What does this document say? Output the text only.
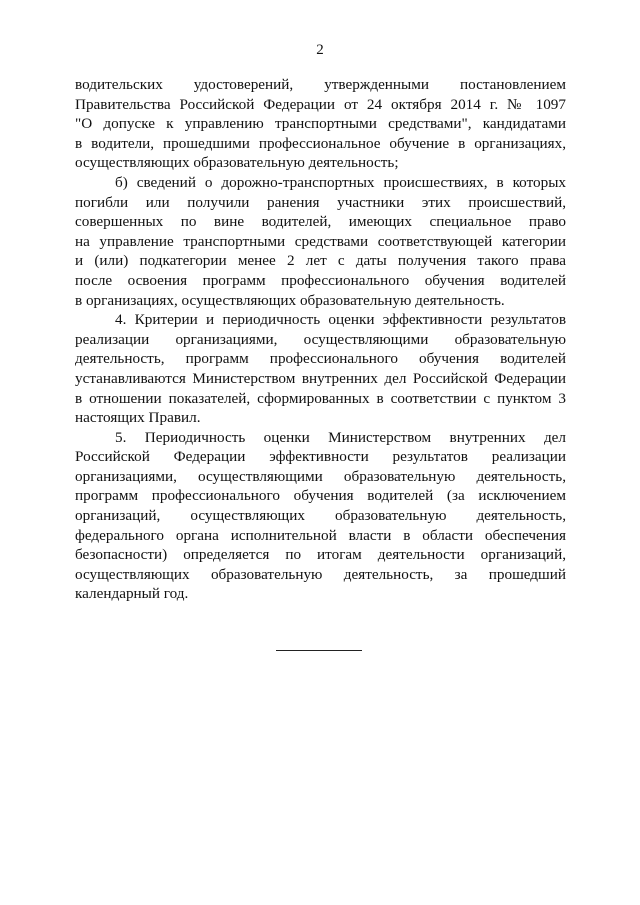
2
водительских удостоверений, утвержденными постановлением
Правительства Российской Федерации от 24 октября 2014 г. № 1097
"О допуске к управлению транспортными средствами", кандидатами
в водители, прошедшими профессиональное обучение в организациях,
осуществляющих образовательную деятельность;
б) сведений о дорожно-транспортных происшествиях, в которых
погибли или получили ранения участники этих происшествий,
совершенных по вине водителей, имеющих специальное право
на управление транспортными средствами соответствующей категории
и (или) подкатегории менее 2 лет с даты получения такого права
после освоения программ профессионального обучения водителей
в организациях, осуществляющих образовательную деятельность.
4. Критерии и периодичность оценки эффективности результатов
реализации организациями, осуществляющими образовательную
деятельность, программ профессионального обучения водителей
устанавливаются Министерством внутренних дел Российской Федерации
в отношении показателей, сформированных в соответствии с пунктом 3
настоящих Правил.
5. Периодичность оценки Министерством внутренних дел
Российской Федерации эффективности результатов реализации
организациями, осуществляющими образовательную деятельность,
программ профессионального обучения водителей (за исключением
организаций, осуществляющих образовательную деятельность,
федерального органа исполнительной власти в области обеспечения
безопасности) определяется по итогам деятельности организаций,
осуществляющих образовательную деятельность, за прошедший
календарный год.
